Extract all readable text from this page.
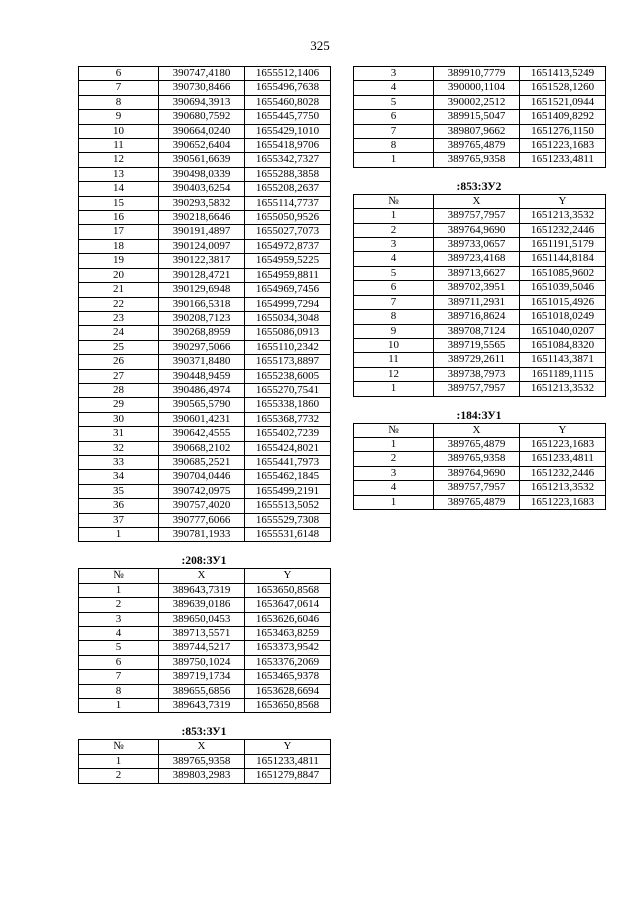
325
6	390747,4180	1655512,1406
7	390730,8466	1655496,7638
8	390694,3913	1655460,8028
9	390680,7592	1655445,7750
10	390664,0240	1655429,1010
11	390652,6404	1655418,9706
12	390561,6639	1655342,7327
13	390498,0339	1655288,3858
14	390403,6254	1655208,2637
15	390293,5832	1655114,7737
16	390218,6646	1655050,9526
17	390191,4897	1655027,7073
18	390124,0097	1654972,8737
19	390122,3817	1654959,5225
20	390128,4721	1654959,8811
21	390129,6948	1654969,7456
22	390166,5318	1654999,7294
23	390208,7123	1655034,3048
24	390268,8959	1655086,0913
25	390297,5066	1655110,2342
26	390371,8480	1655173,8897
27	390448,9459	1655238,6005
28	390486,4974	1655270,7541
29	390565,5790	1655338,1860
30	390601,4231	1655368,7732
31	390642,4555	1655402,7239
32	390668,2102	1655424,8021
33	390685,2521	1655441,7973
34	390704,0446	1655462,1845
35	390742,0975	1655499,2191
36	390757,4020	1655513,5052
37	390777,6066	1655529,7308
1	390781,1933	1655531,6148
:208:ЗУ1
№	X	Y
1	389643,7319	1653650,8568
2	389639,0186	1653647,0614
3	389650,0453	1653626,6046
4	389713,5571	1653463,8259
5	389744,5217	1653373,9542
6	389750,1024	1653376,2069
7	389719,1734	1653465,9378
8	389655,6856	1653628,6694
1	389643,7319	1653650,8568
:853:ЗУ1
№	X	Y
1	389765,9358	1651233,4811
2	389803,2983	1651279,8847
3	389910,7779	1651413,5249
4	390000,1104	1651528,1260
5	390002,2512	1651521,0944
6	389915,5047	1651409,8292
7	389807,9662	1651276,1150
8	389765,4879	1651223,1683
1	389765,9358	1651233,4811
:853:ЗУ2
№	X	Y
1	389757,7957	1651213,3532
2	389764,9690	1651232,2446
3	389733,0657	1651191,5179
4	389723,4168	1651144,8184
5	389713,6627	1651085,9602
6	389702,3951	1651039,5046
7	389711,2931	1651015,4926
8	389716,8624	1651018,0249
9	389708,7124	1651040,0207
10	389719,5565	1651084,8320
11	389729,2611	1651143,3871
12	389738,7973	1651189,1115
1	389757,7957	1651213,3532
:184:ЗУ1
№	X	Y
1	389765,4879	1651223,1683
2	389765,9358	1651233,4811
3	389764,9690	1651232,2446
4	389757,7957	1651213,3532
1	389765,4879	1651223,1683
